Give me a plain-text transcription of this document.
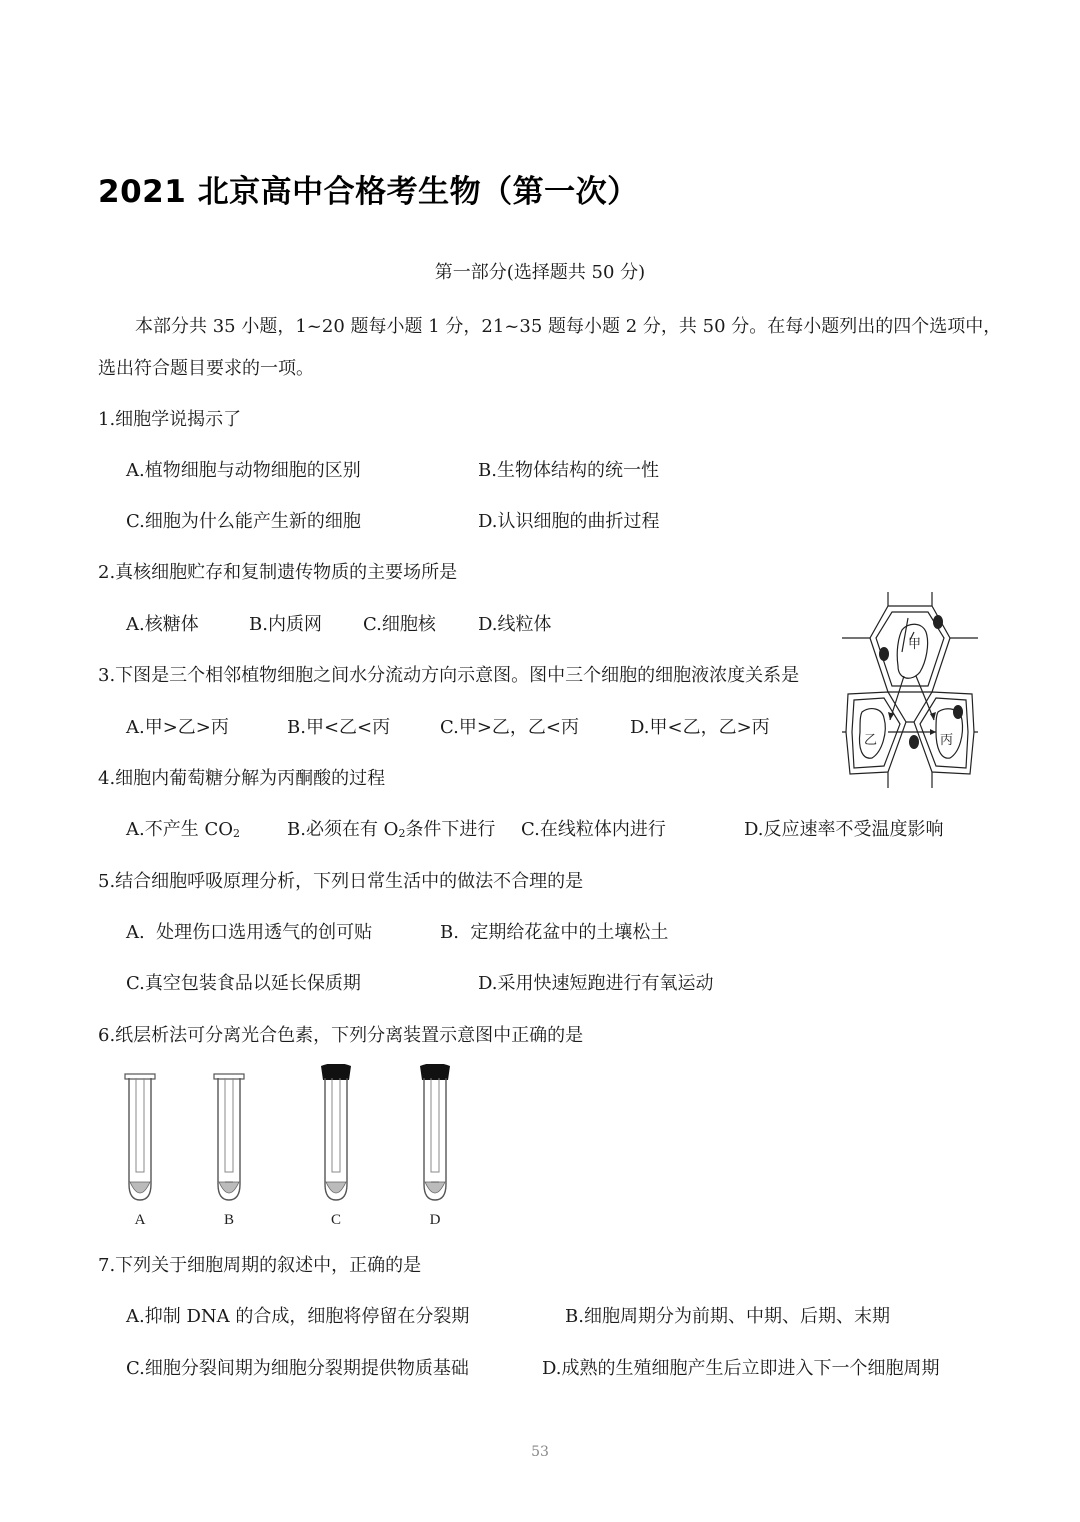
2021 北京高中合格考生物（第一次）
第一部分(选择题共 50 分)
本部分共 35 小题，1~20 题每小题 1 分，21~35 题每小题 2 分，共 50 分。在每小题列出的四个选项中，
选出符合题目要求的一项。
1.细胞学说揭示了
A.植物细胞与动物细胞的区别	B.生物体结构的统一性
C.细胞为什么能产生新的细胞	D.认识细胞的曲折过程
2.真核细胞贮存和复制遗传物质的主要场所是
A.核糖体	B.内质网 C.细胞核 D.线粒体
3.下图是三个相邻植物细胞之间水分流动方向示意图。图中三个细胞的细胞液浓度关系是
A.甲>乙>丙	B.甲<乙<丙	C.甲>乙，乙<丙	D.甲<乙，乙>丙
甲
乙	丙
4.细胞内葡萄糖分解为丙酮酸的过程
A.不产生 $CO_2$	B.必须在有 $O_2$条件下进行 C.在线粒体内进行	D.反应速率不受温度影响
5.结合细胞呼吸原理分析，下列日常生活中的做法不合理的是
A.  处理伤口选用透气的创可贴	B.  定期给花盆中的土壤松土
C.真空包装食品以延长保质期	D.采用快速短跑进行有氧运动
6.纸层析法可分离光合色素，下列分离装置示意图中正确的是
A	B	C	D
7.下列关于细胞周期的叙述中，正确的是
A.抑制 DNA 的合成，细胞将停留在分裂期	B.细胞周期分为前期、中期、后期、末期
C.细胞分裂间期为细胞分裂期提供物质基础	D.成熟的生殖细胞产生后立即进入下一个细胞周期
53
